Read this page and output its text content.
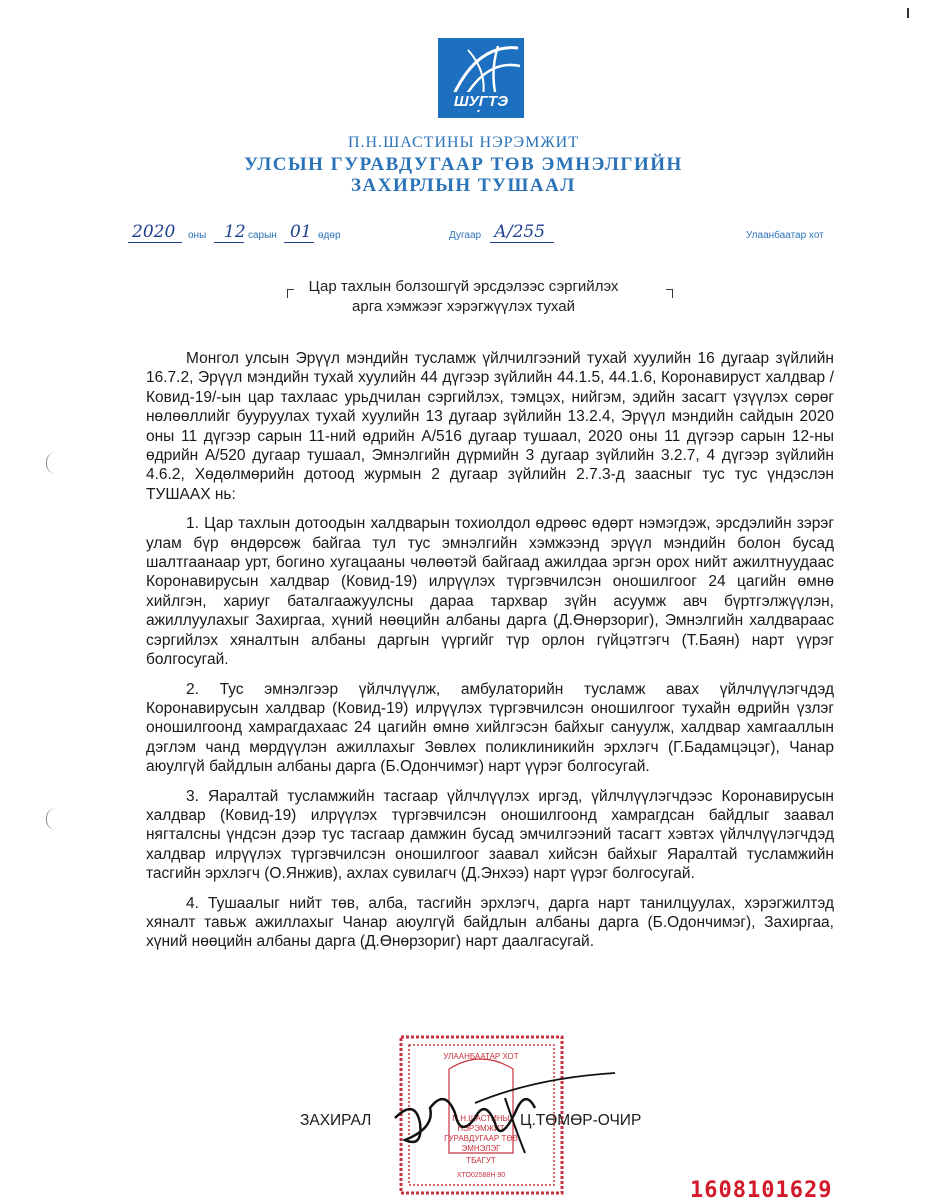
ШУГТЭ
П.Н.ШАСТИНЫ НЭРЭМЖИТ
УЛСЫН ГУРАВДУГААР ТӨВ ЭМНЭЛГИЙН
ЗАХИРЛЫН ТУШААЛ
2020 оны 12 сарын 01 өдөр	Дугаар А/255	Улаанбаатар хот
Цар тахлын болзошгүй эрсдэлээс сэргийлэх
арга хэмжээг хэрэгжүүлэх тухай

Монгол улсын Эрүүл мэндийн тусламж үйлчилгээний тухай хуулийн 16 дугаар зүйлийн 16.7.2, Эрүүл мэндийн тухай хуулийн 44 дүгээр зүйлийн 44.1.5, 44.1.6, Коронавируст халдвар /Ковид-19/-ын цар тахлаас урьдчилан сэргийлэх, тэмцэх, нийгэм, эдийн засагт үзүүлэх сөрөг нөлөөллийг бууруулах тухай хуулийн 13 дугаар зүйлийн 13.2.4, Эрүүл мэндийн сайдын 2020 оны 11 дүгээр сарын 11-ний өдрийн А/516 дугаар тушаал, 2020 оны 11 дүгээр сарын 12-ны өдрийн А/520 дугаар тушаал, Эмнэлгийн дүрмийн 3 дугаар зүйлийн 3.2.7, 4 дүгээр зүйлийн 4.6.2, Хөдөлмөрийн дотоод журмын 2 дугаар зүйлийн 2.7.3-д заасныг тус тус үндэслэн ТУШААХ нь:

1. Цар тахлын дотоодын халдварын тохиолдол өдрөөс өдөрт нэмэгдэж, эрсдэлийн зэрэг улам бүр өндөрсөж байгаа тул тус эмнэлгийн хэмжээнд эрүүл мэндийн болон бусад шалтгаанаар урт, богино хугацааны чөлөөтэй байгаад ажилдаа эргэн орох нийт ажилтнуудаас Коронавирусын халдвар (Ковид-19) илрүүлэх түргэвчилсэн оношилгоог 24 цагийн өмнө хийлгэн, хариуг баталгаажуулсны дараа тархвар зүйн асуумж авч бүртгэлжүүлэн, ажиллуулахыг Захиргаа, хүний нөөцийн албаны дарга (Д.Өнөрзориг), Эмнэлгийн халдвараас сэргийлэх хяналтын албаны даргын үүргийг түр орлон гүйцэтгэгч (Т.Баян) нарт үүрэг болгосугай.

2. Тус эмнэлгээр үйлчлүүлж, амбулаторийн тусламж авах үйлчлүүлэгчдэд Коронавирусын халдвар (Ковид-19) илрүүлэх түргэвчилсэн оношилгоог тухайн өдрийн үзлэг оношилгоонд хамрагдахаас 24 цагийн өмнө хийлгэсэн байхыг сануулж, халдвар хамгааллын дэглэм чанд мөрдүүлэн ажиллахыг Зөвлөх поликлиникийн эрхлэгч (Г.Бадамцэцэг), Чанар аюулгүй байдлын албаны дарга (Б.Одончимэг) нарт үүрэг болгосугай.

3. Яаралтай тусламжийн тасгаар үйлчлүүлэх иргэд, үйлчлүүлэгчдээс Коронавирусын халдвар (Ковид-19) илрүүлэх түргэвчилсэн оношилгоонд хамрагдсан байдлыг заавал нягталсны үндсэн дээр тус тасгаар дамжин бусад эмчилгээний тасагт хэвтэх үйлчлүүлэгчдэд халдвар илрүүлэх түргэвчилсэн оношилгоог заавал хийсэн байхыг Яаралтай тусламжийн тасгийн эрхлэгч (О.Янжив), ахлах сувилагч (Д.Энхээ) нарт үүрэг болгосугай.

4. Тушаалыг нийт төв, алба, тасгийн эрхлэгч, дарга нарт танилцуулах, хэрэгжилтэд хяналт тавьж ажиллахыг Чанар аюулгүй байдлын албаны дарга (Б.Одончимэг), Захиргаа, хүний нөөцийн албаны дарга (Д.Өнөрзориг) нарт даалгасугай.

УЛААНБААТАР ХОТ
П.Н.ШАСТИНЫ
НЭРЭМЖИТ
ГУРАВДУГААР ТӨВ
ЭМНЭЛЭГ
ТБАГУТ
ХТО02588Н 90
ЗАХИРАЛ	Ц.ТӨМӨР-ОЧИР
1608101629
